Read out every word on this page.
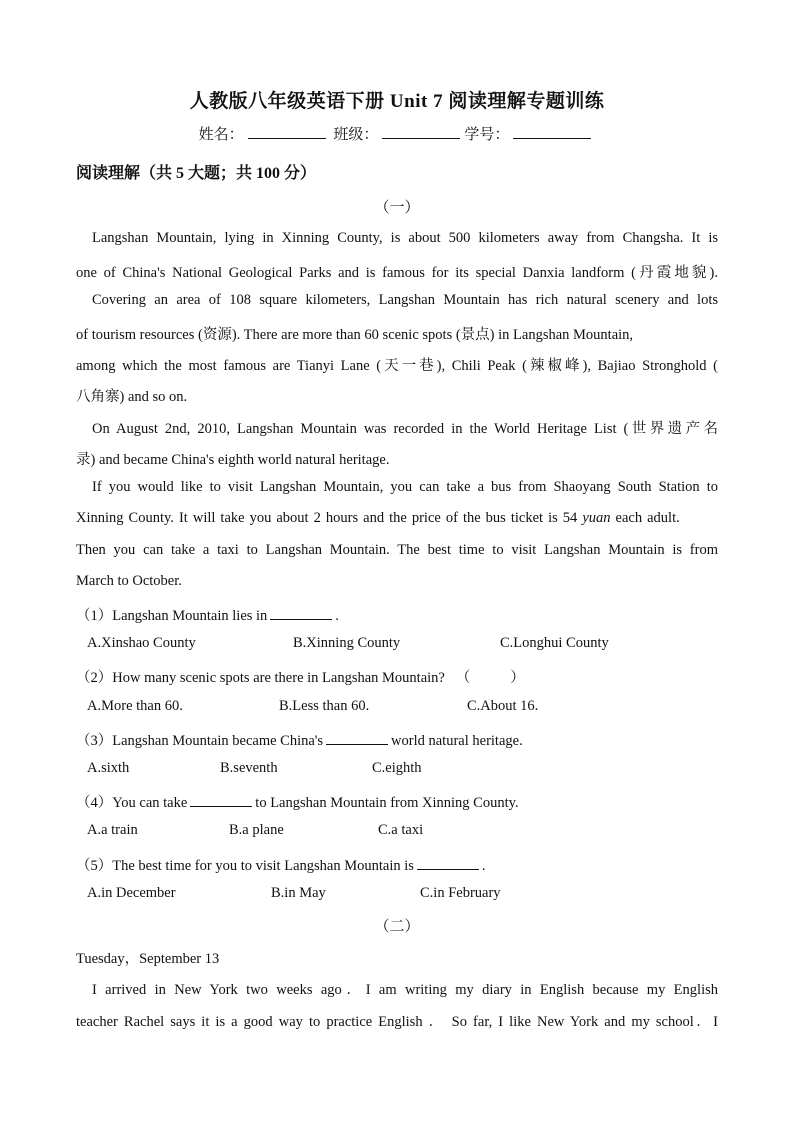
人教版八年级英语下册 Unit 7 阅读理解专题训练
姓名：	班级：	学号：
阅读理解（共 5 大题；共 100 分）
（一）
Langshan Mountain, lying in Xinning County, is about 500 kilometers away from Changsha. It is
one of China's National Geological Parks and is famous for its special Danxia landform (丹霞地貌).
Covering an area of 108 square kilometers, Langshan Mountain has rich natural scenery and lots
of tourism resources (资源). There are more than 60 scenic spots (景点) in Langshan Mountain,
among which the most famous are Tianyi Lane (天一巷), Chili Peak (辣椒峰), Bajiao Stronghold (
八角寨) and so on.
On August 2nd, 2010, Langshan Mountain was recorded in the World Heritage List (世界遗产名
录) and became China's eighth world natural heritage.
If you would like to visit Langshan Mountain, you can take a bus from Shaoyang South Station to
Xinning County. It will take you about 2 hours and the price of the bus ticket is 54 yuan each adult.
Then you can take a taxi to Langshan Mountain. The best time to visit Langshan Mountain is from
March to October.
（1）Langshan Mountain lies in	.
A.Xinshao County	B.Xinning County	C.Longhui County
（2）How many scenic spots are there in Langshan Mountain? （	）
A.More than 60.	B.Less than 60.	C.About 16.
（3）Langshan Mountain became China's	world natural heritage.
A.sixth	B.seventh	C.eighth
（4）You can take	to Langshan Mountain from Xinning County.
A.a train	B.a plane	C.a taxi
（5）The best time for you to visit Langshan Mountain is	.
A.in December	B.in May	C.in February
（二）
Tuesday，September 13
I arrived in New York two weeks ago．I am writing my diary in English because my English
teacher Rachel says it is a good way to practice English ． So far, I like New York and my school．I
